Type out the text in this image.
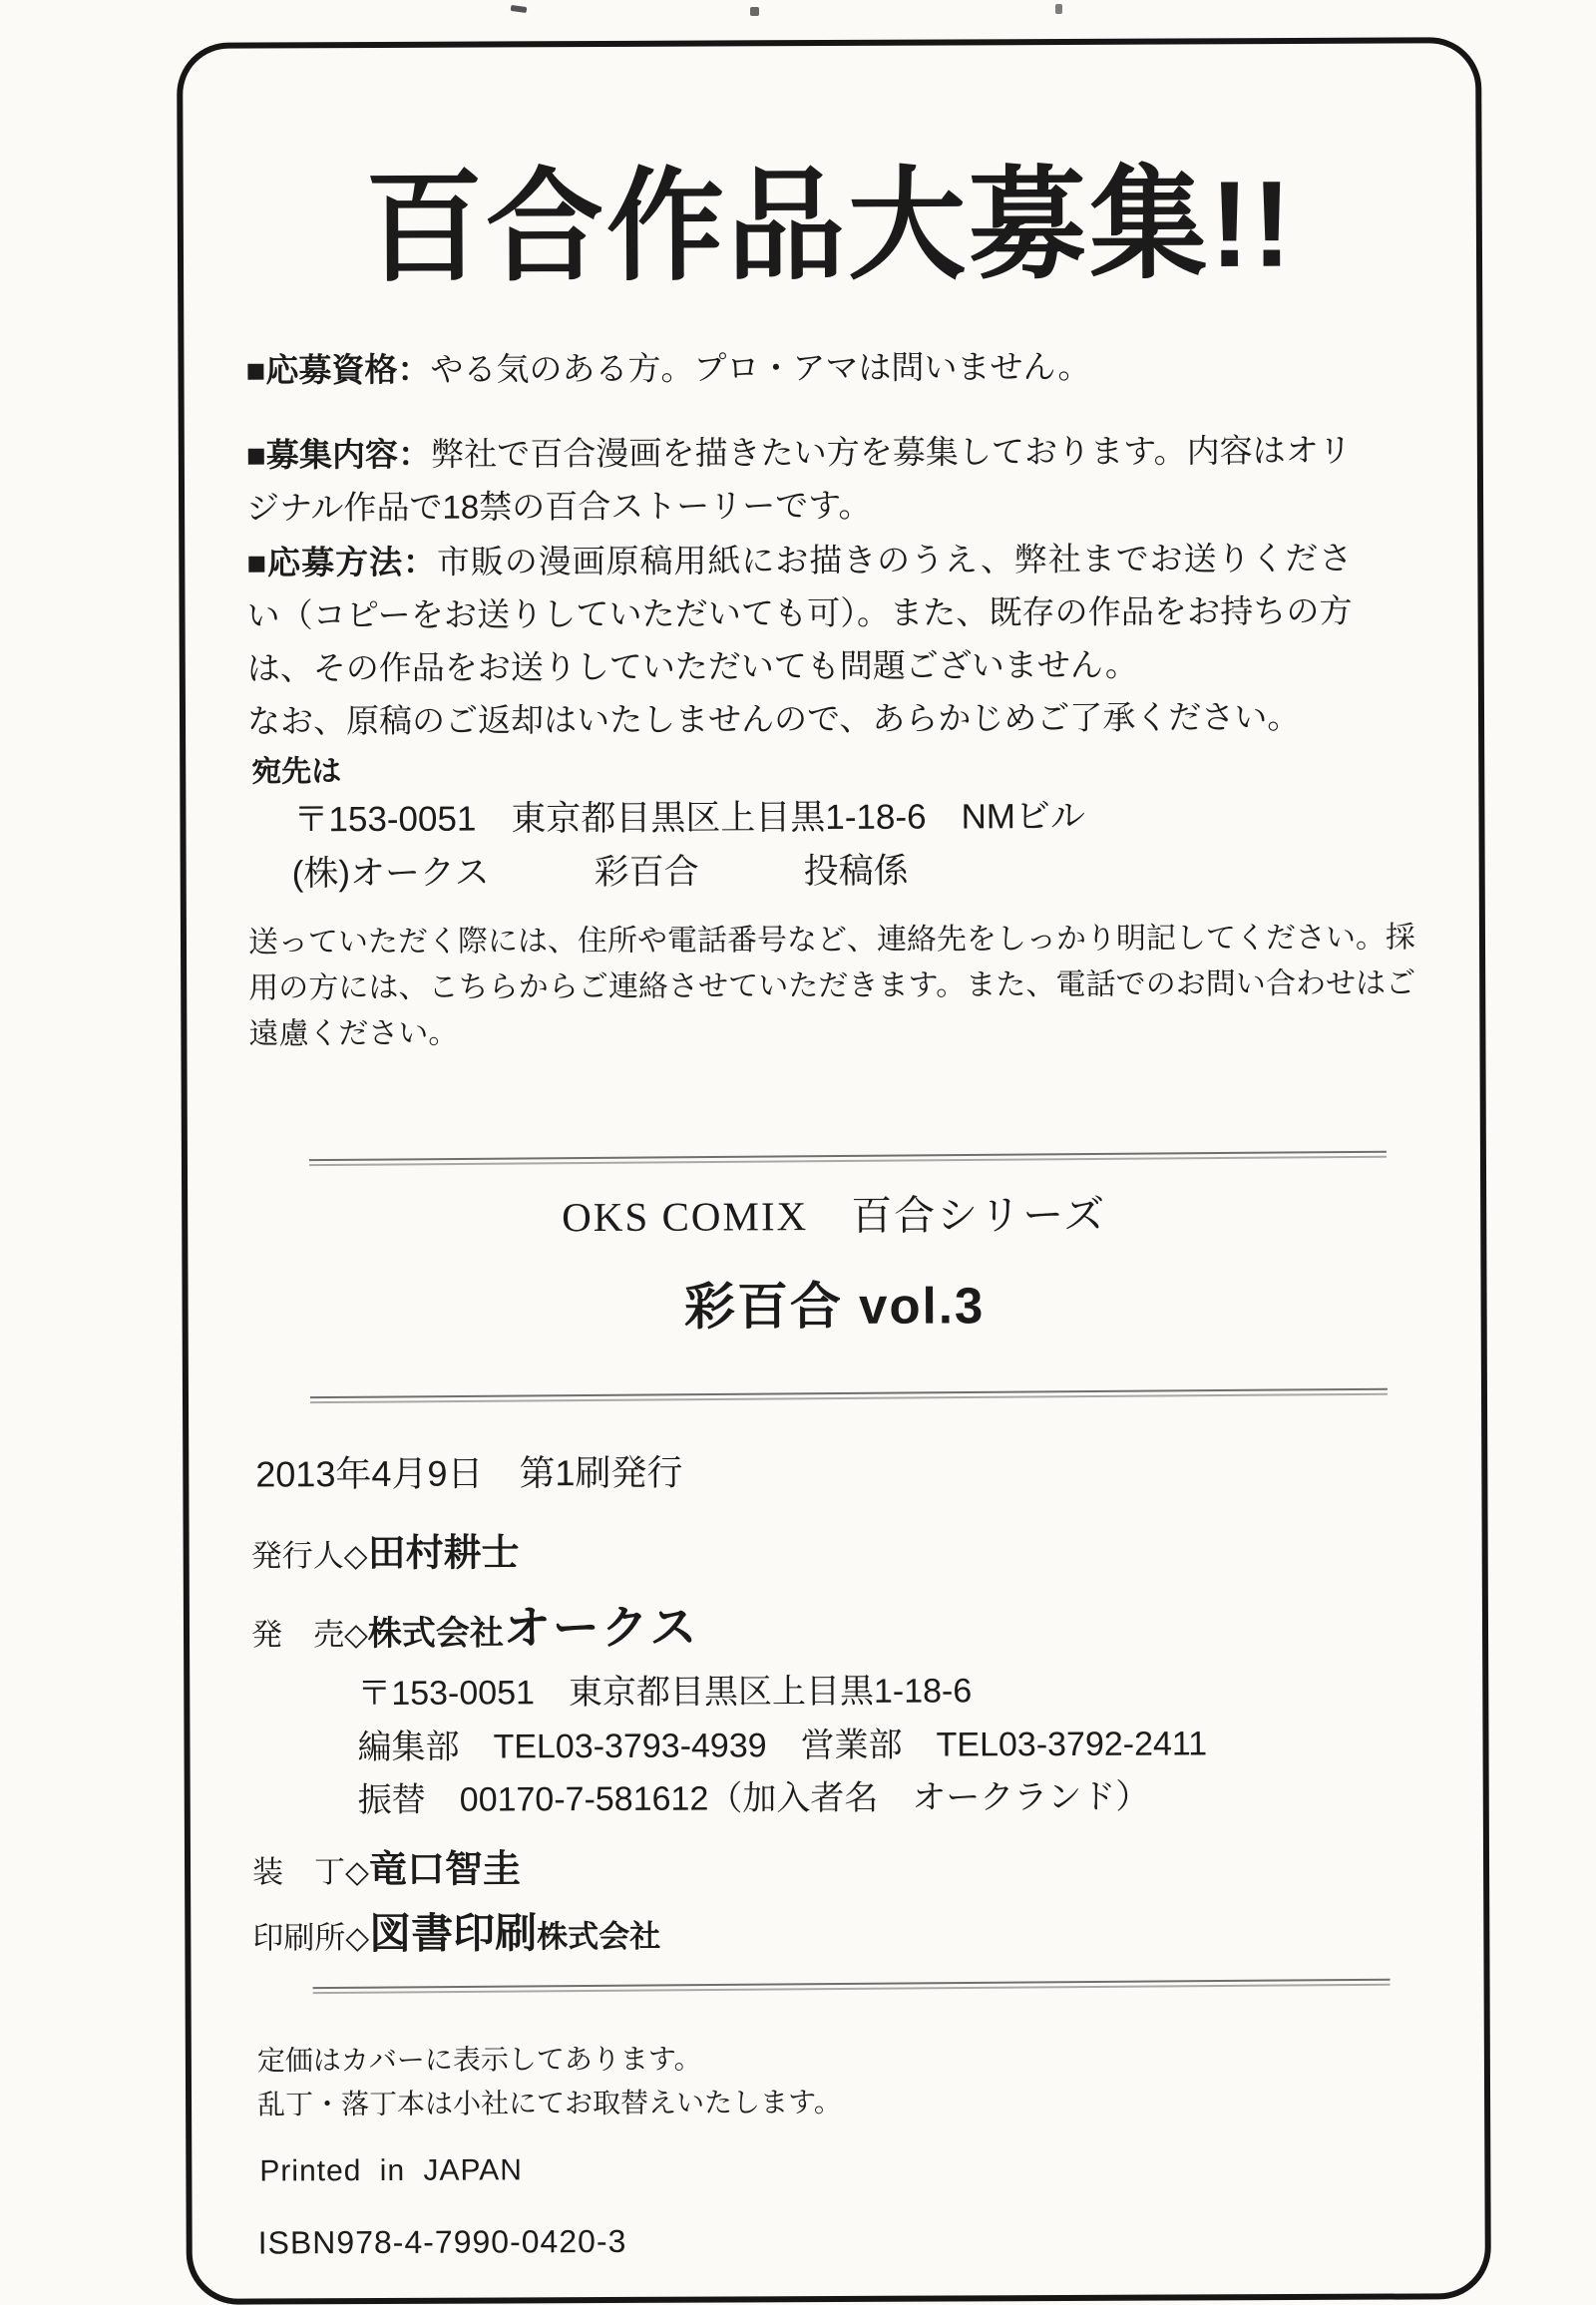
百合作品大募集!!
■応募資格：やる気のある方。プロ・アマは問いません。
■募集内容：弊社で百合漫画を描きたい方を募集しております。内容はオリジナル作品で18禁の百合ストーリーです。
■応募方法：市販の漫画原稿用紙にお描きのうえ、弊社までお送りください（コピーをお送りしていただいても可）。また、既存の作品をお持ちの方は、その作品をお送りしていただいても問題ございません。
なお、原稿のご返却はいたしませんので、あらかじめご了承ください。
宛先は
〒153-0051　東京都目黒区上目黒1-18-6　NMビル
(株)オークス　　　彩百合　　　投稿係
送っていただく際には、住所や電話番号など、連絡先をしっかり明記してください。採用の方には、こちらからご連絡させていただきます。また、電話でのお問い合わせはご遠慮ください。
OKS COMIX　百合シリーズ
彩百合 vol.3
2013年4月9日　第1刷発行
発行人◇田村耕士
発　売◇株式会社オークス
〒153-0051　東京都目黒区上目黒1-18-6
編集部　TEL03-3793-4939　営業部　TEL03-3792-2411
振替　00170-7-581612（加入者名　オークランド）
装　丁◇竜口智圭
印刷所◇図書印刷株式会社
定価はカバーに表示してあります。
乱丁・落丁本は小社にてお取替えいたします。
Printed in JAPAN
ISBN978-4-7990-0420-3
